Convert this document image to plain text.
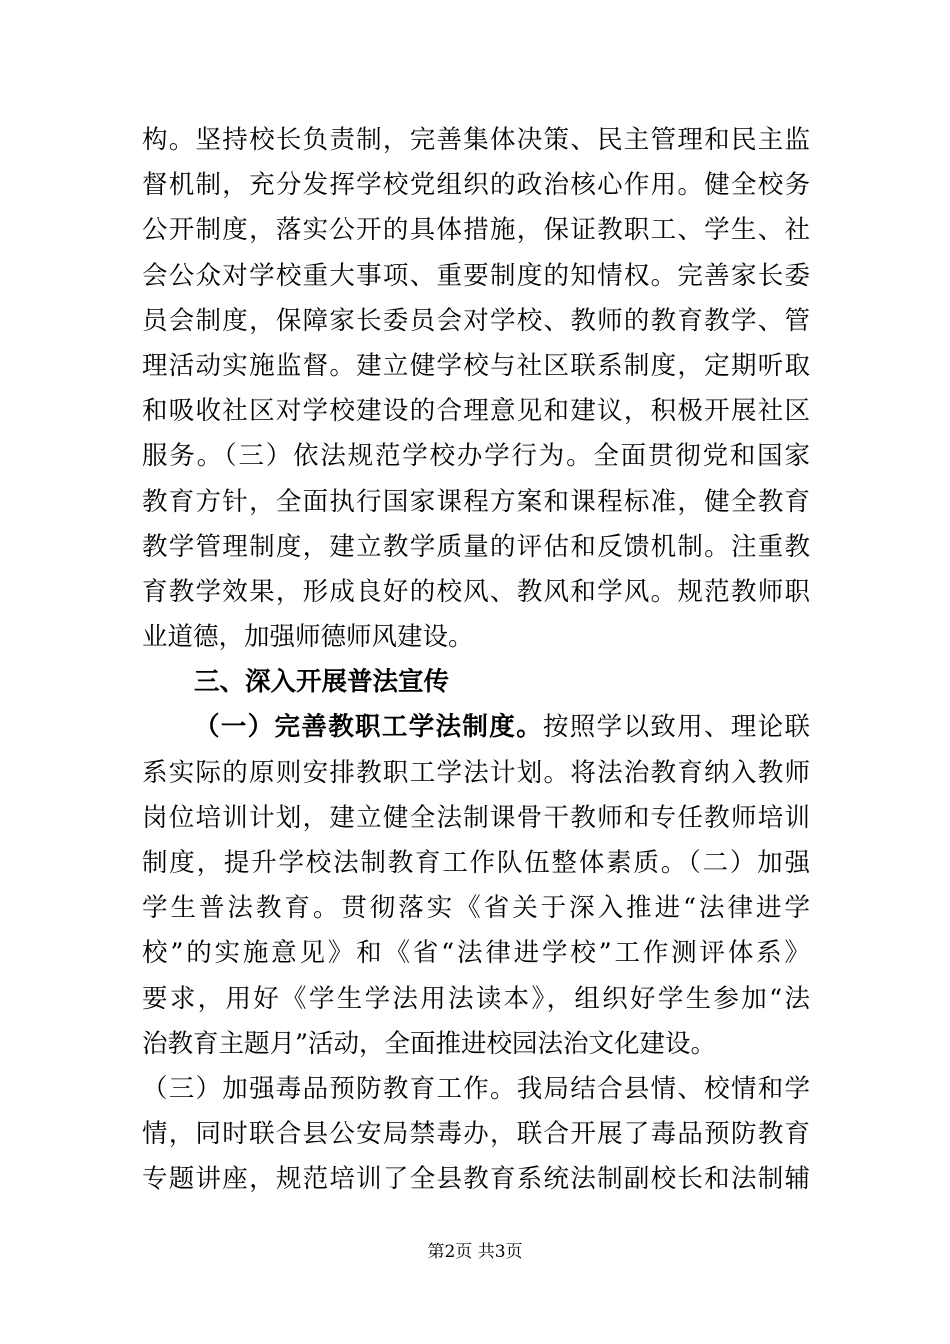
构。坚持校长负责制，完善集体决策、民主管理和民主监
督机制，充分发挥学校党组织的政治核心作用。健全校务
公开制度，落实公开的具体措施，保证教职工、学生、社
会公众对学校重大事项、重要制度的知情权。完善家长委
员会制度，保障家长委员会对学校、教师的教育教学、管
理活动实施监督。建立健学校与社区联系制度，定期听取
和吸收社区对学校建设的合理意见和建议，积极开展社区
服务。（三）依法规范学校办学行为。全面贯彻党和国家
教育方针，全面执行国家课程方案和课程标准，健全教育
教学管理制度，建立教学质量的评估和反馈机制。注重教
育教学效果，形成良好的校风、教风和学风。规范教师职
业道德，加强师德师风建设。
三、深入开展普法宣传
（一）完善教职工学法制度。按照学以致用、理论联
系实际的原则安排教职工学法计划。将法治教育纳入教师
岗位培训计划，建立健全法制课骨干教师和专任教师培训
制度，提升学校法制教育工作队伍整体素质。（二）加强
学生普法教育。贯彻落实《省关于深入推进“法律进学
校”的实施意见》和《省“法律进学校”工作测评体系》
要求，用好《学生学法用法读本》，组织好学生参加“法
治教育主题月”活动，全面推进校园法治文化建设。
（三）加强毒品预防教育工作。我局结合县情、校情和学
情，同时联合县公安局禁毒办，联合开展了毒品预防教育
专题讲座，规范培训了全县教育系统法制副校长和法制辅
第2页 共3页
